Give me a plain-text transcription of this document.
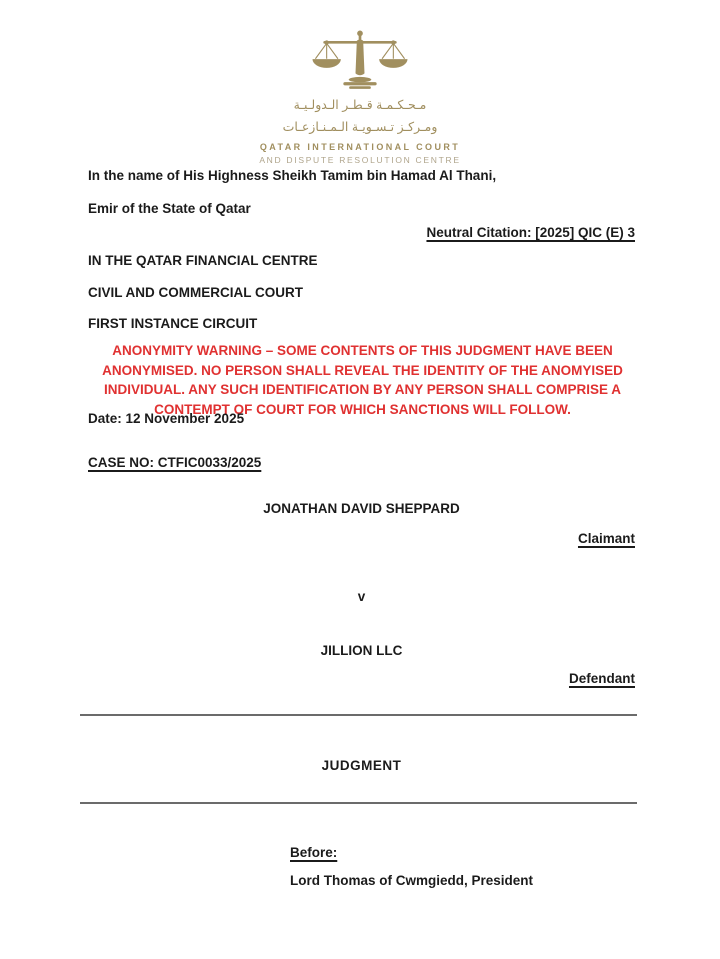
مـحـكـمـة قـطـر الـدولـيـة
ومـركـز تـسـويـة الـمـنـازعـات
QATAR INTERNATIONAL COURT
AND DISPUTE RESOLUTION CENTRE
In the name of His Highness Sheikh Tamim bin Hamad Al Thani,
Emir of the State of Qatar
Neutral Citation: [2025] QIC (E) 3
IN THE QATAR FINANCIAL CENTRE
CIVIL AND COMMERCIAL COURT
FIRST INSTANCE CIRCUIT
ANONYMITY WARNING – SOME CONTENTS OF THIS JUDGMENT HAVE BEEN
ANONYMISED. NO PERSON SHALL REVEAL THE IDENTITY OF THE ANOMYISED
INDIVIDUAL. ANY SUCH IDENTIFICATION BY ANY PERSON SHALL COMPRISE A
CONTEMPT OF COURT FOR WHICH SANCTIONS WILL FOLLOW.
Date: 12 November 2025
CASE NO: CTFIC0033/2025
JONATHAN DAVID SHEPPARD
Claimant
v
JILLION LLC
Defendant
JUDGMENT
Before:
Lord Thomas of Cwmgiedd, President
